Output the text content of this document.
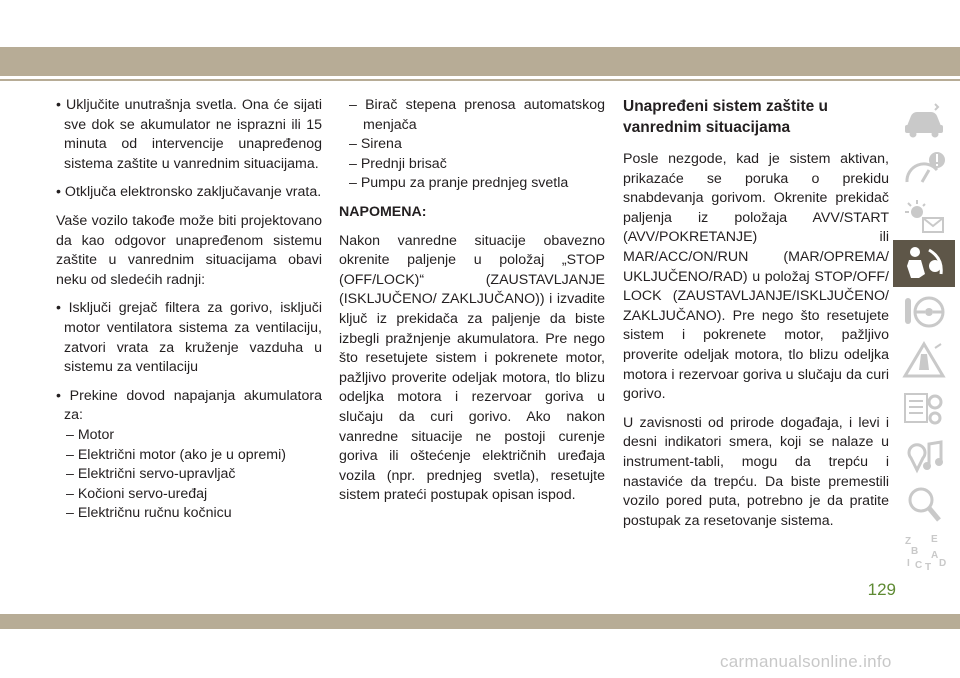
• Uključite unutrašnja svetla. Ona će sijati sve dok se akumulator ne isprazni ili 15 minuta od intervencije unapređenog sistema zaštite u vanrednim situacijama.

• Otključa elektronsko zaključavanje vrata.

Vaše vozilo takođe može biti projektovano da kao odgovor unapređenom sistemu zaštite u vanrednim situacijama obavi neku od sledećih radnji:

• Isključi grejač filtera za gorivo, isključi motor ventilatora sistema za ventilaciju, zatvori vrata za kruženje vazduha u sistemu za ventilaciju

• Prekine dovod napajanja akumulatora za:

– Motor
– Električni motor (ako je u opremi)
– Električni servo-upravljač
– Kočioni servo-uređaj
– Električnu ručnu kočnicu
– Birač stepena prenosa automatskog menjača
– Sirena
– Prednji brisač
– Pumpu za pranje prednjeg svetla

NAPOMENA:

Nakon vanredne situacije obavezno okrenite paljenje u položaj „STOP (OFF/LOCK)“ (ZAUSTAVLJANJE (ISKLJUČENO/ ZAKLJUČANO)) i izvadite ključ iz prekidača za paljenje da biste izbegli pražnjenje akumulatora. Pre nego što resetujete sistem i pokrenete motor, pažljivo proverite odeljak motora, tlo blizu odeljka motora i rezervoar goriva u slučaju da curi gorivo. Ako nakon vanredne situacije ne postoji curenje goriva ili oštećenje električnih uređaja vozila (npr. prednjeg svetla), resetujte sistem prateći postupak opisan ispod.

Unapređeni sistem zaštite u vanrednim situacijama

Posle nezgode, kad je sistem aktivan, prikazaće se poruka o prekidu snabdevanja gorivom. Okrenite prekidač paljenja iz položaja AVV/START (AVV/POKRETANJE) ili MAR/ACC/ON/RUN (MAR/OPREMA/ UKLJUČENO/RAD) u položaj STOP/OFF/ LOCK (ZAUSTAVLJANJE/ISKLJUČENO/ ZAKLJUČANO). Pre nego što resetujete sistem i pokrenete motor, pažljivo proverite odeljak motora, tlo blizu odeljka motora i rezervoar goriva u slučaju da curi gorivo.

U zavisnosti od prirode događaja, i levi i desni indikatori smera, koji se nalaze u instrument-tabli, mogu da trepću i nastaviće da trepću. Da biste premestili vozilo pored puta, potrebno je da pratite postupak za resetovanje sistema.

Z E
B A
I C T D
129
carmanualsonline.info
